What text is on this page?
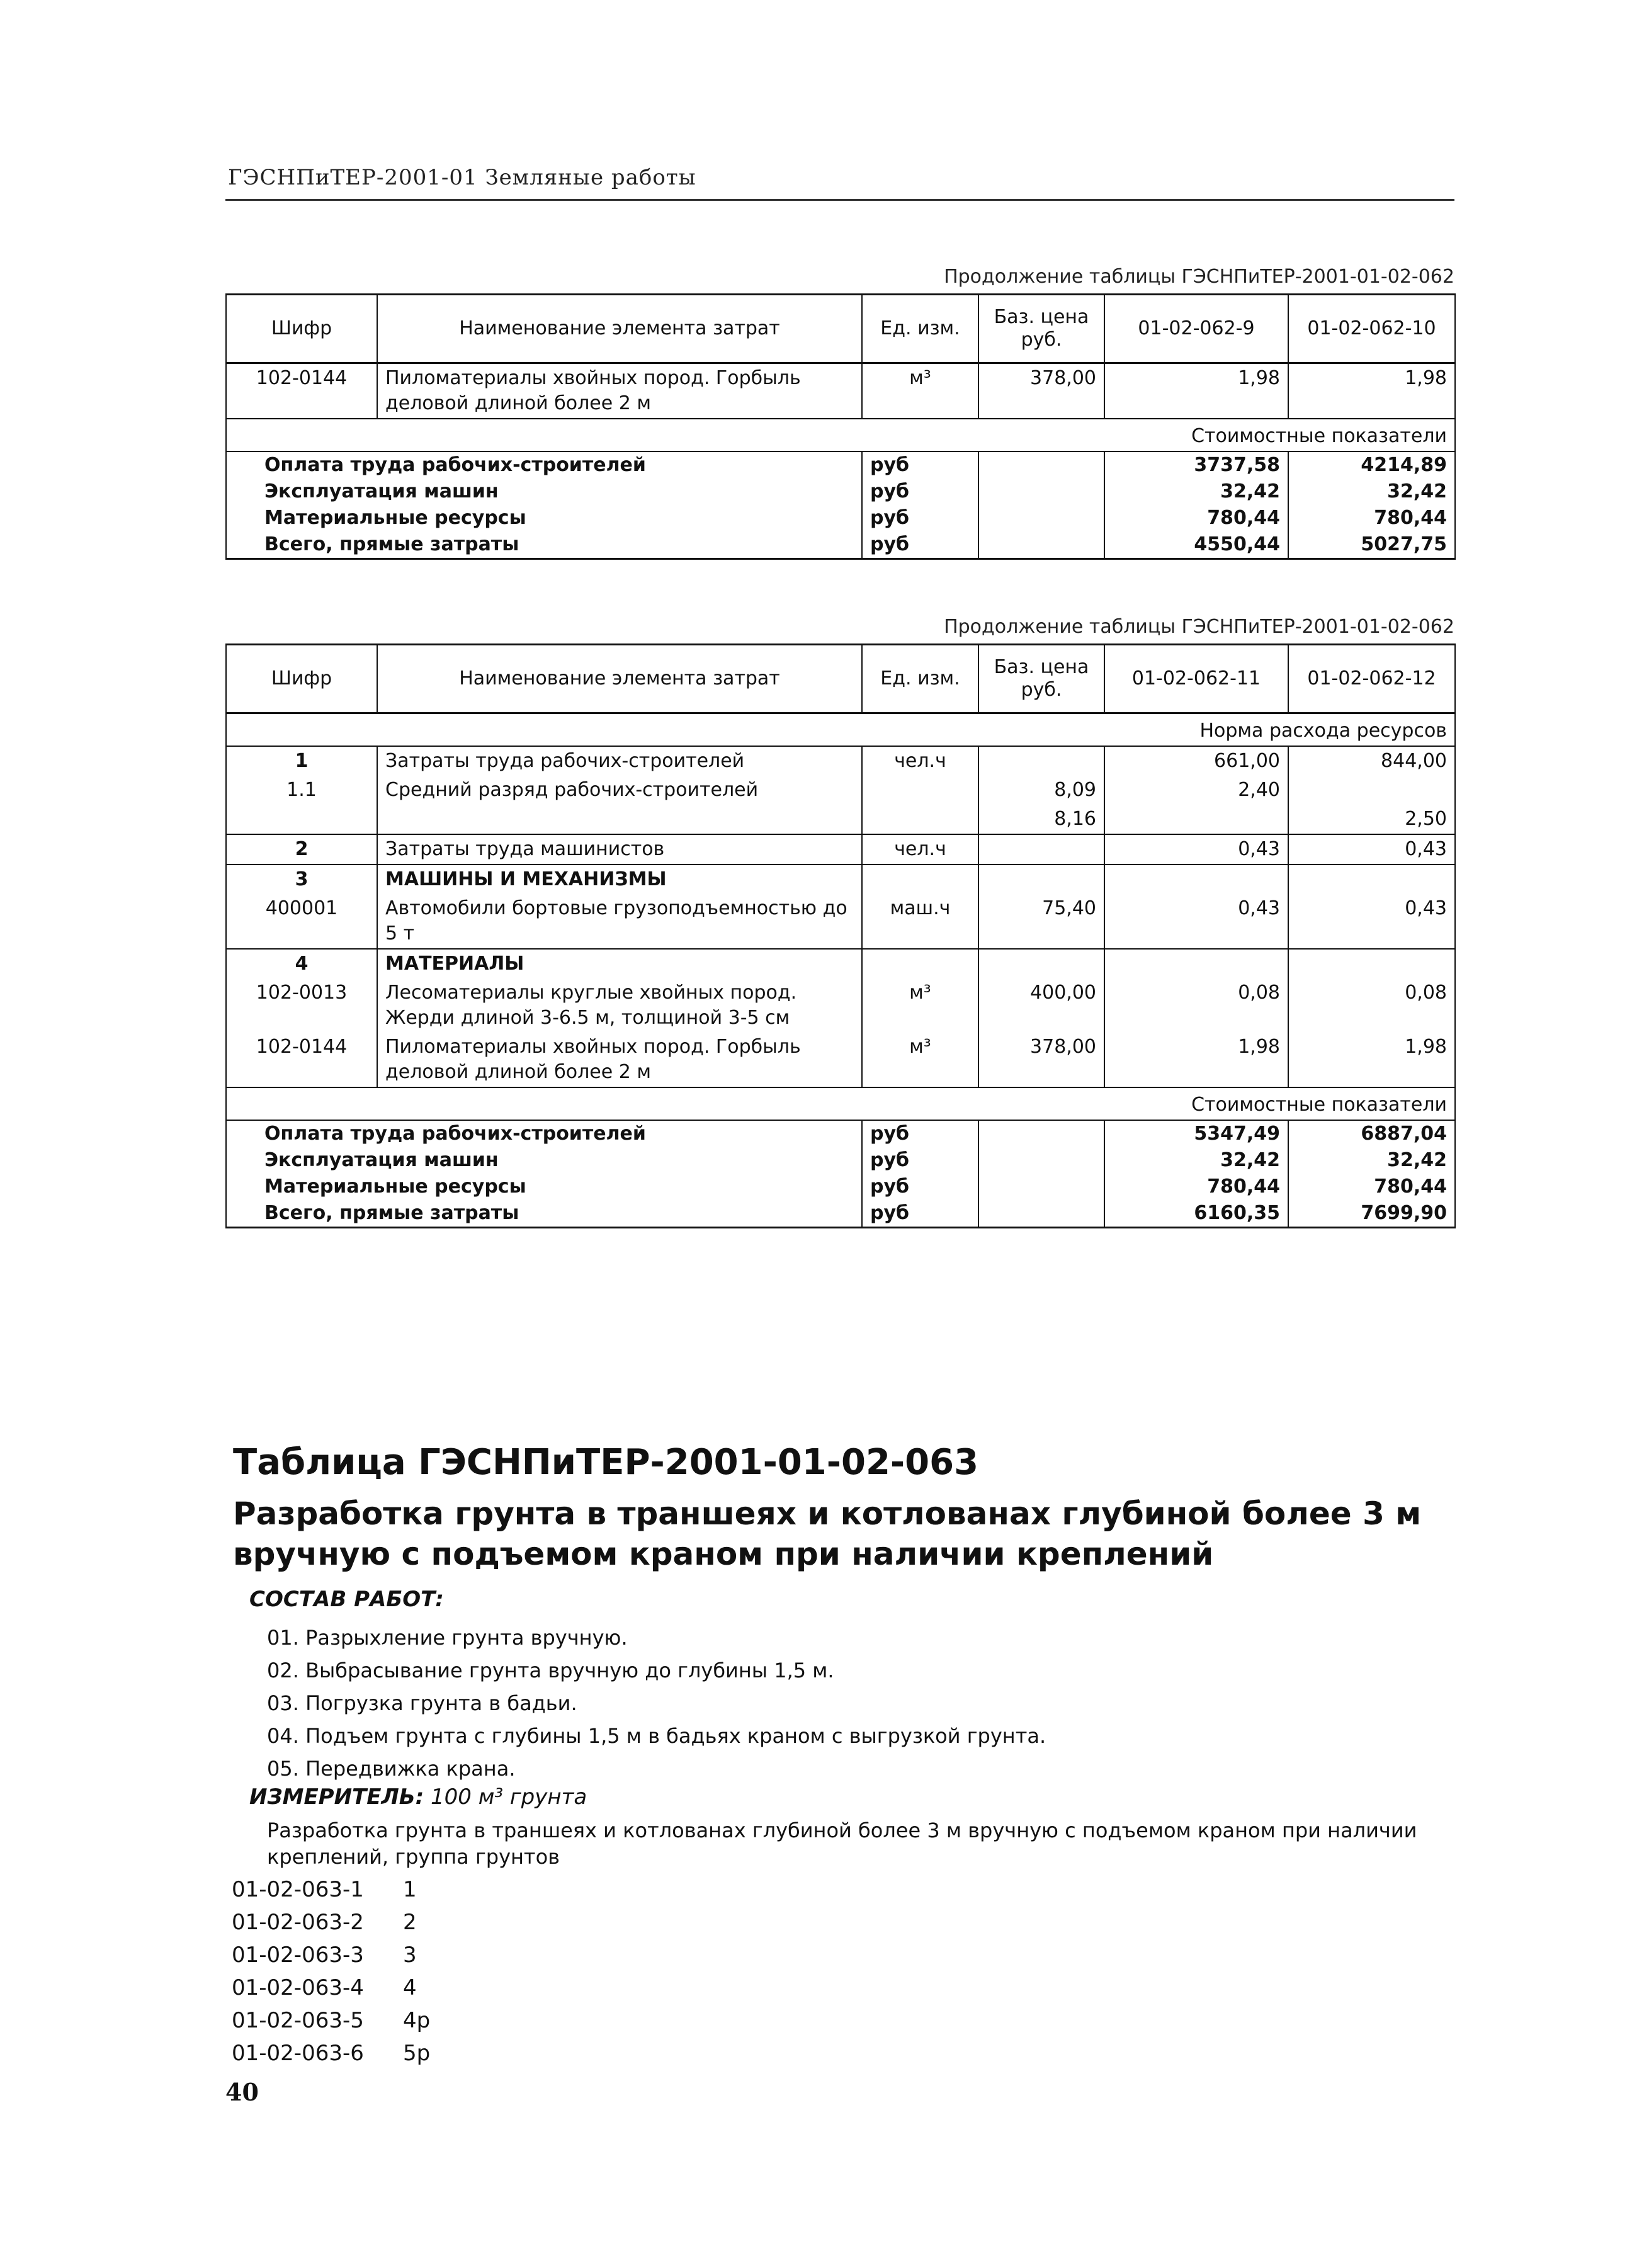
ГЭСНПиТЕР-2001-01 Земляные работы
Продолжение таблицы ГЭСНПиТЕР-2001-01-02-062
Шифр	Наименование элемента затрат	Ед. изм.	Баз. цена руб.	01-02-062-9	01-02-062-10
102-0144	Пиломатериалы хвойных пород. Горбыль деловой длиной более 2 м	м³	378,00	1,98	1,98
Стоимостные показатели					
Оплата труда рабочих-строителей		руб		3737,58	4214,89
Эксплуатация машин		руб		32,42	32,42
Материальные ресурсы		руб		780,44	780,44
Всего, прямые затраты		руб		4550,44	5027,75
Продолжение таблицы ГЭСНПиТЕР-2001-01-02-062
Шифр	Наименование элемента затрат	Ед. изм.	Баз. цена руб.	01-02-062-11	01-02-062-12
Норма расхода ресурсов					
1	Затраты труда рабочих-строителей	чел.ч		661,00	844,00
1.1	Средний разряд рабочих-строителей		8,09	2,40	
			8,16		2,50
2	Затраты труда машинистов	чел.ч		0,43	0,43
3	МАШИНЫ И МЕХАНИЗМЫ				
400001	Автомобили бортовые грузоподъемностью до 5 т	маш.ч	75,40	0,43	0,43
4	МАТЕРИАЛЫ				
102-0013	Лесоматериалы круглые хвойных пород. Жерди длиной 3-6.5 м, толщиной 3-5 см	м³	400,00	0,08	0,08
102-0144	Пиломатериалы хвойных пород. Горбыль деловой длиной более 2 м	м³	378,00	1,98	1,98
Стоимостные показатели					
Оплата труда рабочих-строителей		руб		5347,49	6887,04
Эксплуатация машин		руб		32,42	32,42
Материальные ресурсы		руб		780,44	780,44
Всего, прямые затраты		руб		6160,35	7699,90
Таблица ГЭСНПиТЕР-2001-01-02-063
Разработка грунта в траншеях и котлованах глубиной более 3 м вручную с подъемом краном при наличии креплений
СОСТАВ РАБОТ:
01. Разрыхление грунта вручную.
02. Выбрасывание грунта вручную до глубины 1,5 м.
03. Погрузка грунта в бадьи.
04. Подъем грунта с глубины 1,5 м в бадьях краном с выгрузкой грунта.
05. Передвижка крана.
ИЗМЕРИТЕЛЬ: 100 м³ грунта
Разработка грунта в траншеях и котлованах глубиной более 3 м вручную с подъемом краном при наличии креплений, группа грунтов
01-02-063-1 1
01-02-063-2 2
01-02-063-3 3
01-02-063-4 4
01-02-063-5 4р
01-02-063-6 5р
40
